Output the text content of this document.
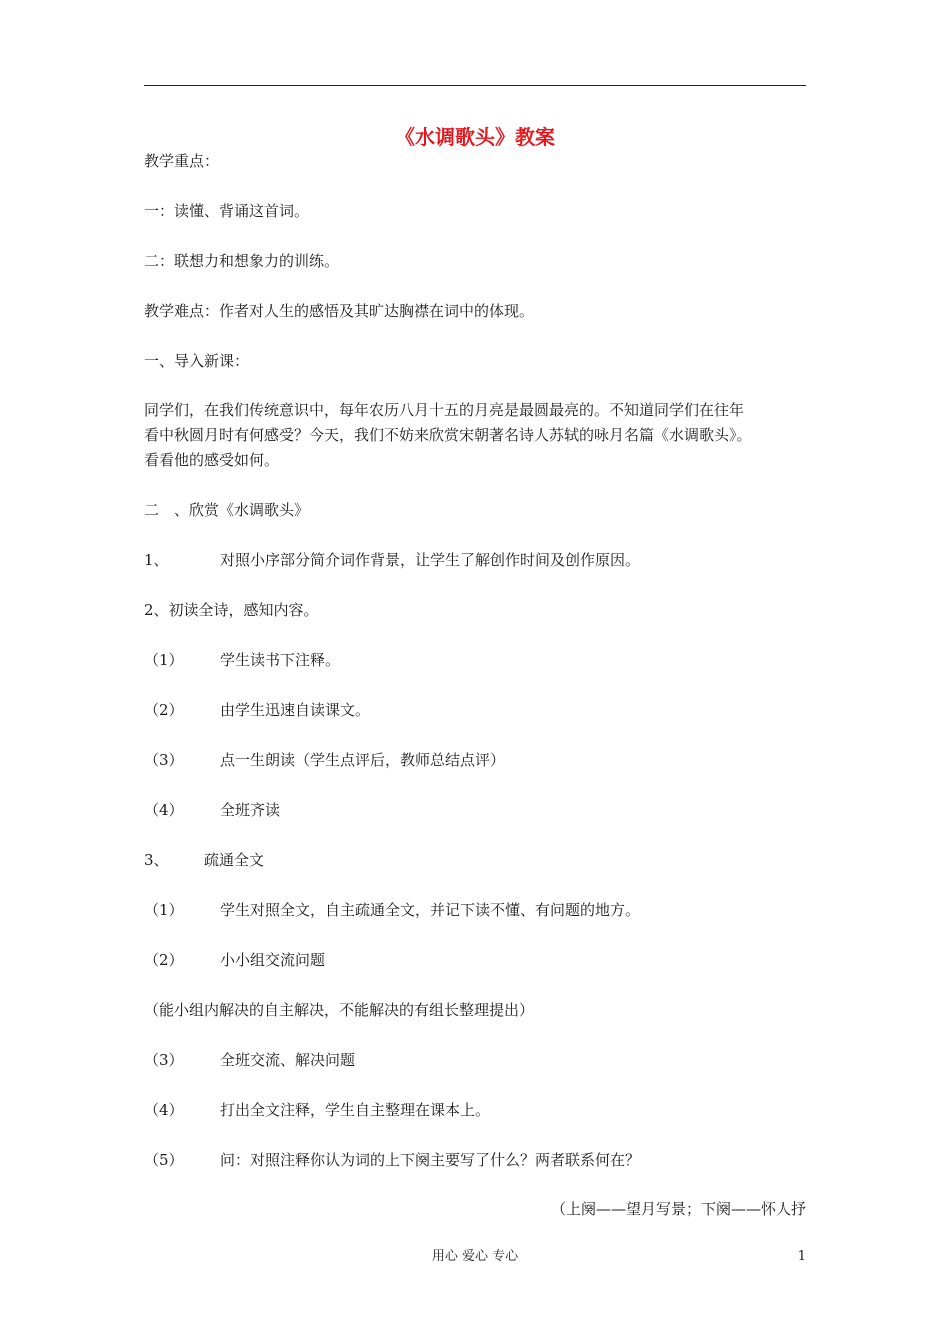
《水调歌头》教案
教学重点：
一：读懂、背诵这首词。
二：联想力和想象力的训练。
教学难点：作者对人生的感悟及其旷达胸襟在词中的体现。
一、导入新课：
同学们，在我们传统意识中，每年农历八月十五的月亮是最圆最亮的。不知道同学们在往年
看中秋圆月时有何感受？今天，我们不妨来欣赏宋朝著名诗人苏轼的咏月名篇《水调歌头》。
看看他的感受如何。
二　、欣赏《水调歌头》
1、	对照小序部分简介词作背景，让学生了解创作时间及创作原因。
2、初读全诗，感知内容。
（1） 学生读书下注释。
（2） 由学生迅速自读课文。
（3） 点一生朗读（学生点评后，教师总结点评）
（4） 全班齐读
3、 疏通全文
（1） 学生对照全文，自主疏通全文，并记下读不懂、有问题的地方。
（2） 小小组交流问题
（能小组内解决的自主解决，不能解决的有组长整理提出）
（3） 全班交流、解决问题
（4） 打出全文注释，学生自主整理在课本上。
（5） 问：对照注释你认为词的上下阕主要写了什么？两者联系何在？
（上阕——望月写景；下阕——怀人抒
用心 爱心 专心	1
